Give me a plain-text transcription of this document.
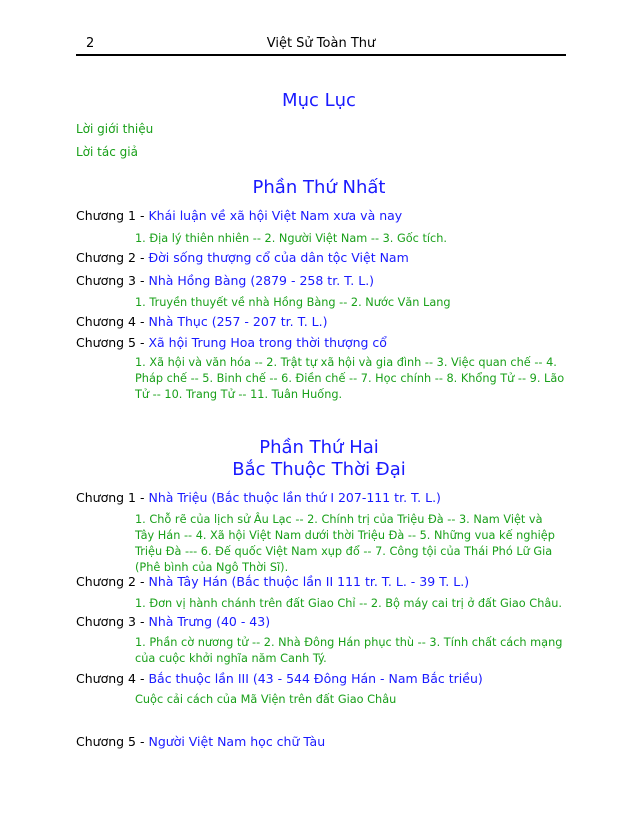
2	Việt Sử Toàn Thư
Mục Lục
Lời giới thiệu
Lời tác giả
Phần Thứ Nhất
Chương 1 - Khái luận về xã hội Việt Nam xưa và nay
1. Địa lý thiên nhiên -- 2. Người Việt Nam -- 3. Gốc tích.
Chương 2 - Đời sống thượng cổ của dân tộc Việt Nam
Chương 3 - Nhà Hồng Bàng (2879 - 258 tr. T. L.)
1. Truyền thuyết về nhà Hồng Bàng -- 2. Nước Văn Lang
Chương 4 - Nhà Thục (257 - 207 tr. T. L.)
Chương 5 - Xã hội Trung Hoa trong thời thượng cổ
1. Xã hội và văn hóa -- 2. Trật tự xã hội và gia đình -- 3. Việc quan chế -- 4. Pháp chế -- 5. Binh chế -- 6. Điền chế -- 7. Học chính -- 8. Khổng Tử -- 9. Lão Tử -- 10. Trang Tử -- 11. Tuân Huống.
Phần Thứ Hai
Bắc Thuộc Thời Đại
Chương 1 - Nhà Triệu (Bắc thuộc lần thứ I 207-111 tr. T. L.)
1. Chỗ rẽ của lịch sử Âu Lạc -- 2. Chính trị của Triệu Đà -- 3. Nam Việt và Tây Hán -- 4. Xã hội Việt Nam dưới thời Triệu Đà -- 5. Những vua kế nghiệp Triệu Đà --- 6. Đế quốc Việt Nam xụp đổ -- 7. Công tội của Thái Phó Lữ Gia (Phê bình của Ngô Thời Sĩ).
Chương 2 - Nhà Tây Hán (Bắc thuộc lần II 111 tr. T. L. - 39 T. L.)
1. Đơn vị hành chánh trên đất Giao Chỉ -- 2. Bộ máy cai trị ở đất Giao Châu.
Chương 3 - Nhà Trưng (40 - 43)
1. Phần cờ nương tử -- 2. Nhà Đông Hán phục thù -- 3. Tính chất cách mạng của cuộc khởi nghĩa năm Canh Tý.
Chương 4 - Bắc thuộc lần III (43 - 544 Đông Hán - Nam Bắc triều)
Cuộc cải cách của Mã Viện trên đất Giao Châu
Chương 5 - Người Việt Nam học chữ Tàu
